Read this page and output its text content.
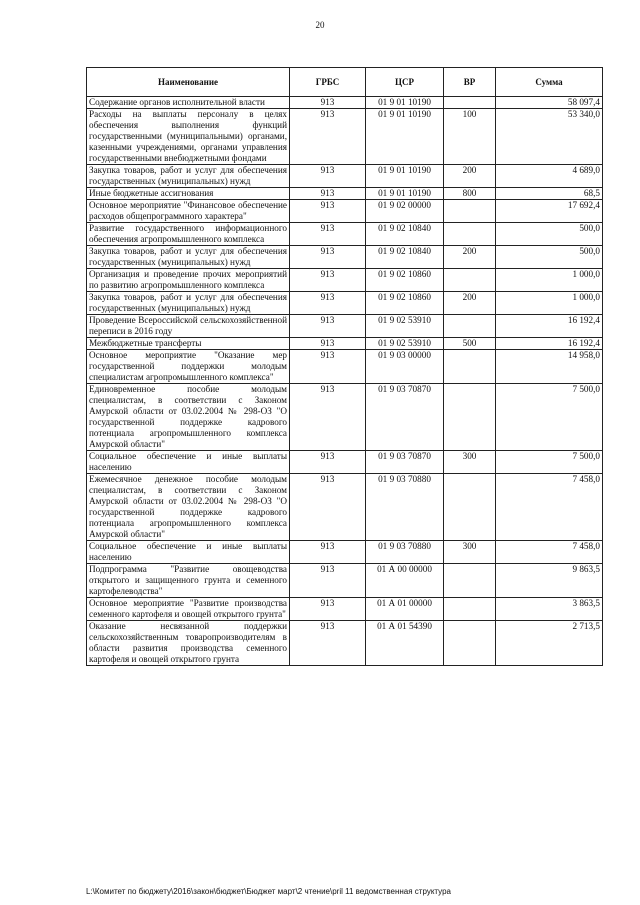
20
Наименование	ГРБС	ЦСР	ВР	Сумма
Содержание органов исполнительной власти	913	01 9 01 10190		58 097,4
Расходы на выплаты персоналу в целях обеспечения выполнения функций государственными (муниципальными) органами, казенными учреждениями, органами управления государственными внебюджетными фондами	913	01 9 01 10190	100	53 340,0
Закупка товаров, работ и услуг для обеспечения государственных (муниципальных) нужд	913	01 9 01 10190	200	4 689,0
Иные бюджетные ассигнования	913	01 9 01 10190	800	68,5
Основное мероприятие "Финансовое обеспечение расходов общепрограммного характера"	913	01 9 02 00000		17 692,4
Развитие государственного информационного обеспечения агропромышленного комплекса	913	01 9 02 10840		500,0
Закупка товаров, работ и услуг для обеспечения государственных (муниципальных) нужд	913	01 9 02 10840	200	500,0
Организация и проведение прочих мероприятий по развитию агропромышленного комплекса	913	01 9 02 10860		1 000,0
Закупка товаров, работ и услуг для обеспечения государственных (муниципальных) нужд	913	01 9 02 10860	200	1 000,0
Проведение Всероссийской сельскохозяйственной переписи в 2016 году	913	01 9 02 53910		16 192,4
Межбюджетные трансферты	913	01 9 02 53910	500	16 192,4
Основное мероприятие "Оказание мер государственной поддержки молодым специалистам агропромышленного комплекса"	913	01 9 03 00000		14 958,0
Единовременное пособие молодым специалистам, в соответствии с Законом Амурской области от 03.02.2004 № 298-ОЗ "О государственной поддержке кадрового потенциала агропромышленного комплекса Амурской области"	913	01 9 03 70870		7 500,0
Социальное обеспечение и иные выплаты населению	913	01 9 03 70870	300	7 500,0
Ежемесячное денежное пособие молодым специалистам, в соответствии с Законом Амурской области от 03.02.2004 № 298-ОЗ "О государственной поддержке кадрового потенциала агропромышленного комплекса Амурской области"	913	01 9 03 70880		7 458,0
Социальное обеспечение и иные выплаты населению	913	01 9 03 70880	300	7 458,0
Подпрограмма "Развитие овощеводства открытого и защищенного грунта и семенного картофелеводства"	913	01 А 00 00000		9 863,5
Основное мероприятие "Развитие производства семенного картофеля и овощей открытого грунта"	913	01 А 01 00000		3 863,5
Оказание несвязанной поддержки сельскохозяйственным товаропроизводителям в области развития производства семенного картофеля и овощей открытого грунта	913	01 А 01 54390		2 713,5
L:\Комитет по бюджету\2016\закон\бюджет\Бюджет март\2 чтение\pril 11 ведомственная структура
